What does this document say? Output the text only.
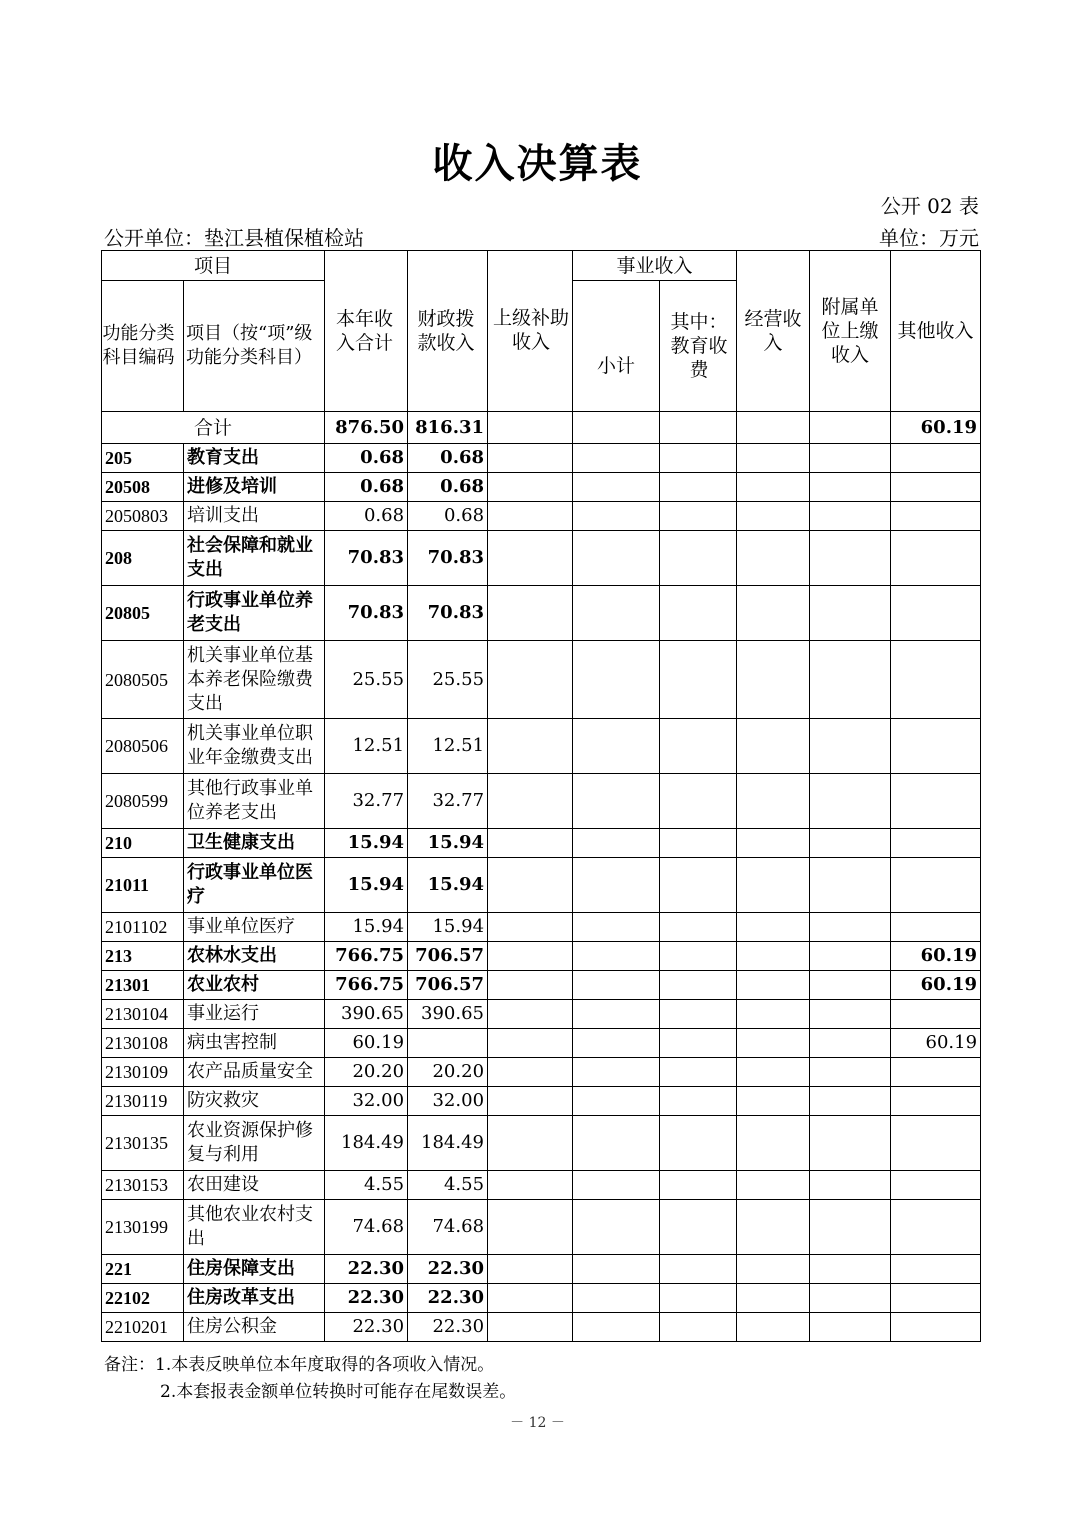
收入决算表
公开 02 表
公开单位：垫江县植保植检站	单位：万元
项目		本年收入合计	财政拨款收入	上级补助收入	事业收入		经营收入	附属单位上缴收入	其他收入

功能分类科目编码	项目（按“项”级功能分类科目）				小计	其中：教育收费			

合计		876.50	816.31						60.19
205	教育支出	0.68	0.68						
20508	进修及培训	0.68	0.68						
2050803	培训支出	0.68	0.68						
208	社会保障和就业支出	70.83	70.83						
20805	行政事业单位养老支出	70.83	70.83						
2080505	机关事业单位基本养老保险缴费支出	25.55	25.55						
2080506	机关事业单位职业年金缴费支出	12.51	12.51						
2080599	其他行政事业单位养老支出	32.77	32.77						
210	卫生健康支出	15.94	15.94						
21011	行政事业单位医疗	15.94	15.94						
2101102	事业单位医疗	15.94	15.94						
213	农林水支出	766.75	706.57						60.19
21301	农业农村	766.75	706.57						60.19
2130104	事业运行	390.65	390.65						
2130108	病虫害控制	60.19							60.19
2130109	农产品质量安全	20.20	20.20						
2130119	防灾救灾	32.00	32.00						
2130135	农业资源保护修复与利用	184.49	184.49						
2130153	农田建设	4.55	4.55						
2130199	其他农业农村支出	74.68	74.68						
221	住房保障支出	22.30	22.30						
22102	住房改革支出	22.30	22.30						
2210201	住房公积金	22.30	22.30						
备注：1.本表反映单位本年度取得的各项收入情况。
2.本套报表金额单位转换时可能存在尾数误差。
－ 12 －
